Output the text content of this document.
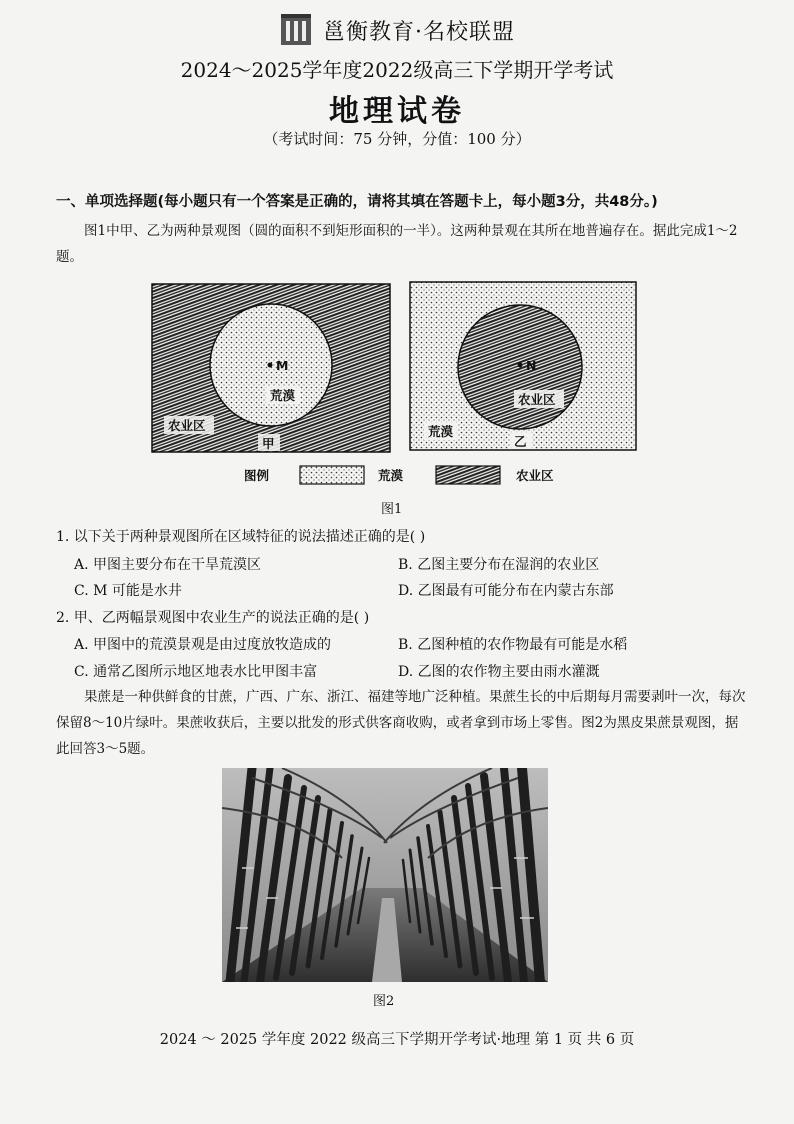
邕衡教育·名校联盟
2024～2025学年度2022级高三下学期开学考试
地理试卷
（考试时间：75 分钟，分值：100 分）
一、单项选择题(每小题只有一个答案是正确的，请将其填在答题卡上，每小题3分，共48分。)
图1中甲、乙为两种景观图（圆的面积不到矩形面积的一半）。这两种景观在其所在地普遍存在。据此完成1～2题。
M
荒漠
农业区
甲
N
农业区
荒漠
乙
图例	荒漠	农业区
图1
1. 以下关于两种景观图所在区域特征的说法描述正确的是( )
A. 甲图主要分布在干旱荒漠区	B. 乙图主要分布在湿润的农业区
C. M 可能是水井	D. 乙图最有可能分布在内蒙古东部
2. 甲、乙两幅景观图中农业生产的说法正确的是( )
A. 甲图中的荒漠景观是由过度放牧造成的	B. 乙图种植的农作物最有可能是水稻
C. 通常乙图所示地区地表水比甲图丰富	D. 乙图的农作物主要由雨水灌溉
果蔗是一种供鲜食的甘蔗，广西、广东、浙江、福建等地广泛种植。果蔗生长的中后期每月需要剥叶一次，每次保留8～10片绿叶。果蔗收获后，主要以批发的形式供客商收购，或者拿到市场上零售。图2为黑皮果蔗景观图，据此回答3～5题。
图2
2024 ～ 2025 学年度 2022 级高三下学期开学考试·地理 第 1 页 共 6 页
